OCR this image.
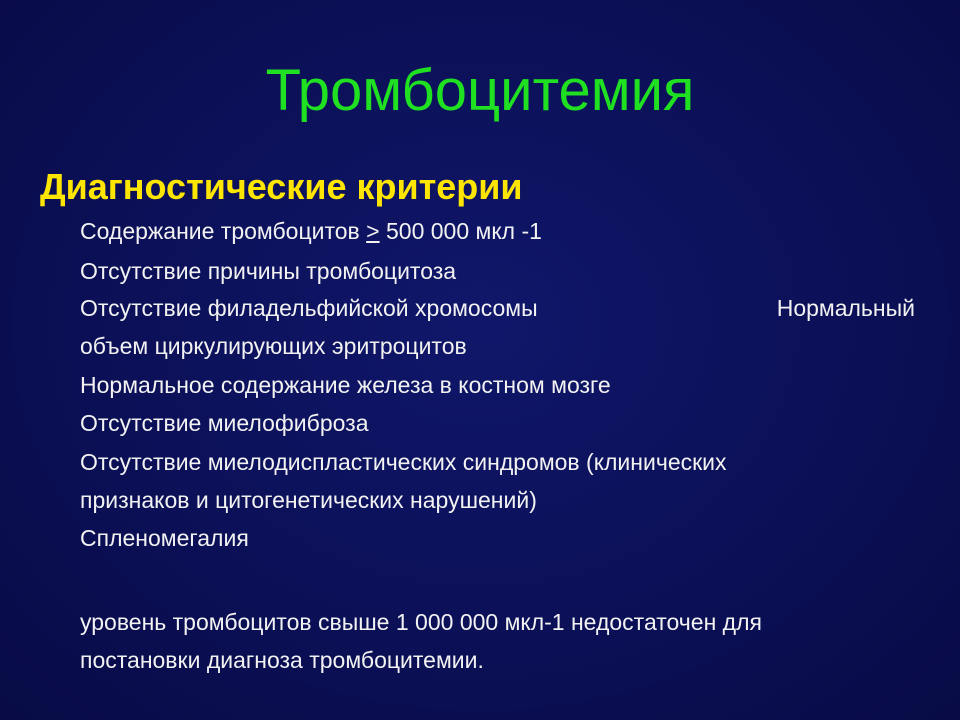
Тромбоцитемия
Диагностические критерии
Содержание тромбоцитов > 500 000 мкл -1
Отсутствие причины тромбоцитоза
Отсутствие филадельфийской хромосомы	Нормальный
объем циркулирующих эритроцитов
Нормальное содержание железа в костном мозге
Отсутствие миелофиброза
Отсутствие миелодиспластических синдромов (клинических
признаков и цитогенетических нарушений)
Спленомегалия
уровень тромбоцитов свыше 1 000 000 мкл-1 недостаточен для
постановки диагноза тромбоцитемии.
